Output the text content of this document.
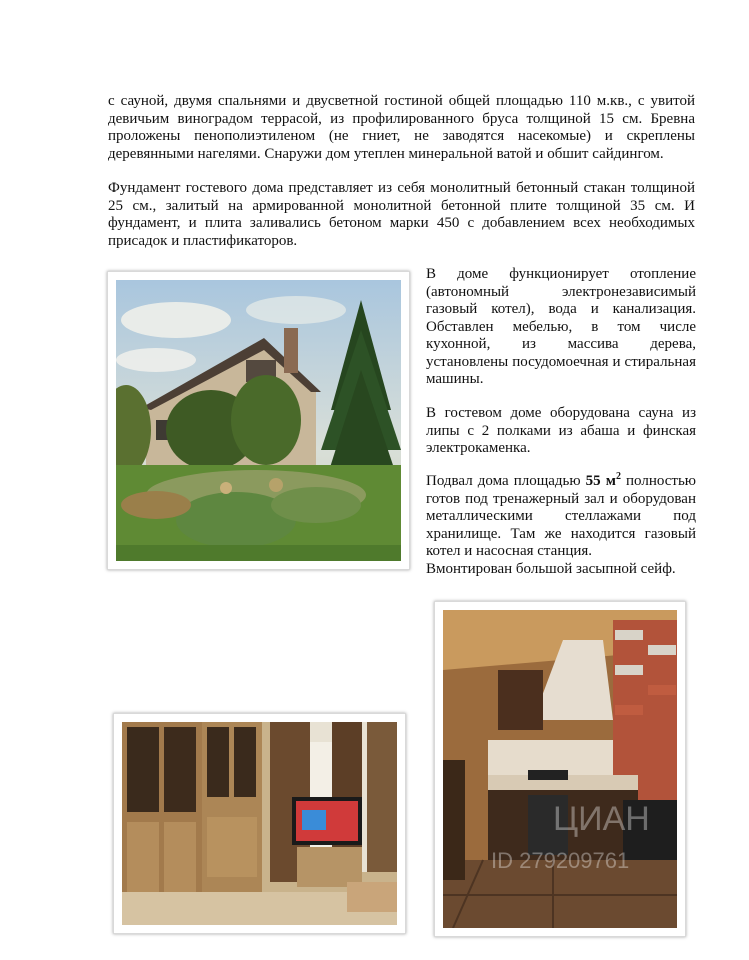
с сауной, двумя спальнями и двусветной гостиной общей площадью 110 м.кв., с увитой девичьим виноградом террасой, из профилированного бруса толщиной 15 см. Бревна проложены пенополиэтиленом (не гниет, не заводятся насекомые) и скреплены деревянными нагелями. Снаружи дом утеплен минеральной ватой и обшит сайдингом.

Фундамент гостевого дома представляет из себя монолитный бетонный стакан толщиной 25 см., залитый на армированной монолитной бетонной плите толщиной 35 см. И фундамент, и плита заливались бетоном марки 450 с добавлением всех необходимых присадок и пластификаторов.

В доме функционирует отопление (автономный электронезависимый газовый котел), вода и канализация. Обставлен мебелью, в том числе кухонной, из массива дерева, установлены посудомоечная и стиральная машины.

В гостевом доме оборудована сауна из липы с 2 полками из абаша и финская электрокаменка.

Подвал дома площадью 55 $м^2$ полностью готов под тренажерный зал и оборудован металлическими стеллажами под хранилище. Там же находится газовый котел и насосная станция.

Вмонтирован большой засыпной сейф.

ЦИАН
ID 279209761
